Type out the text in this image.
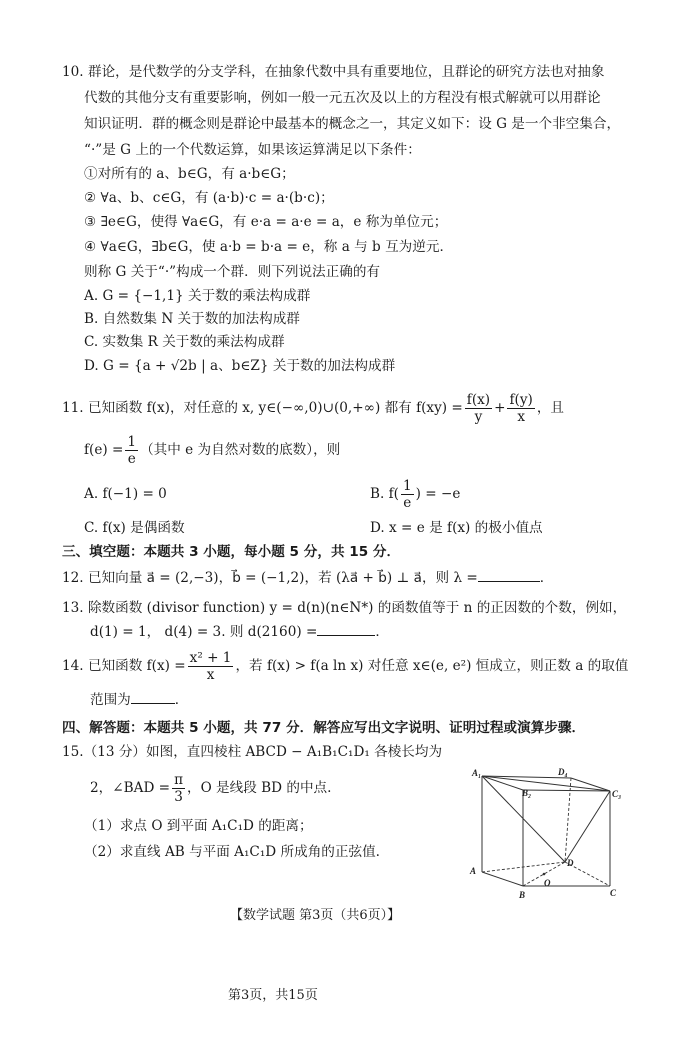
10. 群论，是代数学的分支学科，在抽象代数中具有重要地位，且群论的研究方法也对抽象
代数的其他分支有重要影响，例如一般一元五次及以上的方程没有根式解就可以用群论
知识证明．群的概念则是群论中最基本的概念之一，其定义如下：设 G 是一个非空集合，
“·”是 G 上的一个代数运算，如果该运算满足以下条件：
①对所有的 a、b∈G，有 a·b∈G；
② ∀a、b、c∈G，有 (a·b)·c = a·(b·c)；
③ ∃e∈G，使得 ∀a∈G，有 e·a = a·e = a，e 称为单位元；
④ ∀a∈G，∃b∈G，使 a·b = b·a = e，称 a 与 b 互为逆元．
则称 G 关于“·”构成一个群．则下列说法正确的有
A. G = {−1,1} 关于数的乘法构成群
B. 自然数集 N 关于数的加法构成群
C. 实数集 R 关于数的乘法构成群
D. G = {a + √2b | a、b∈Z} 关于数的加法构成群
11. 已知函数 f(x)，对任意的 x, y∈(−∞,0)∪(0,+∞) 都有 $f(xy) = \frac{f(x)}{y} + \frac{f(y)}{x}$ ，且
$f(e) = \frac{1}{e}$ （其中 e 为自然对数的底数），则
A. f(−1) = 0	B. $f( \frac{1}{e}$ ) = −e
C. f(x) 是偶函数	D. x = e 是 f(x) 的极小值点
三、填空题：本题共 3 小题，每小题 5 分，共 15 分．
12. 已知向量 a⃗ = (2,−3)，b⃗ = (−1,2)，若 (λa⃗ + b⃗) ⊥ a⃗，则 λ =	．
13. 除数函数 (divisor function) y = d(n)(n∈N*) 的函数值等于 n 的正因数的个数，例如，
d(1) = 1， d(4) = 3. 则 d(2160) =	．
14. 已知函数 $f(x) = \frac{\text{x² + 1}}{x}$ ，若 f(x) > f(a ln x) 对任意 x∈(e, e²) 恒成立，则正数 a 的取值
范围为	．
四、解答题：本题共 5 小题，共 77 分．解答应写出文字说明、证明过程或演算步骤．
15.（13 分）如图，直四棱柱 ABCD − A₁B₁C₁D₁ 各棱长均为
2，∠BAD = $\frac{\pi}{3}$ ，O 是线段 BD 的中点.
（1）求点 O 到平面 A₁C₁D 的距离；
（2）求直线 AB 与平面 A₁C₁D 所成角的正弦值.
A₁
B₂
D₄
C₃
A
B
O
D
C
【数学试题 第3页（共6页）】
第3页，共15页
